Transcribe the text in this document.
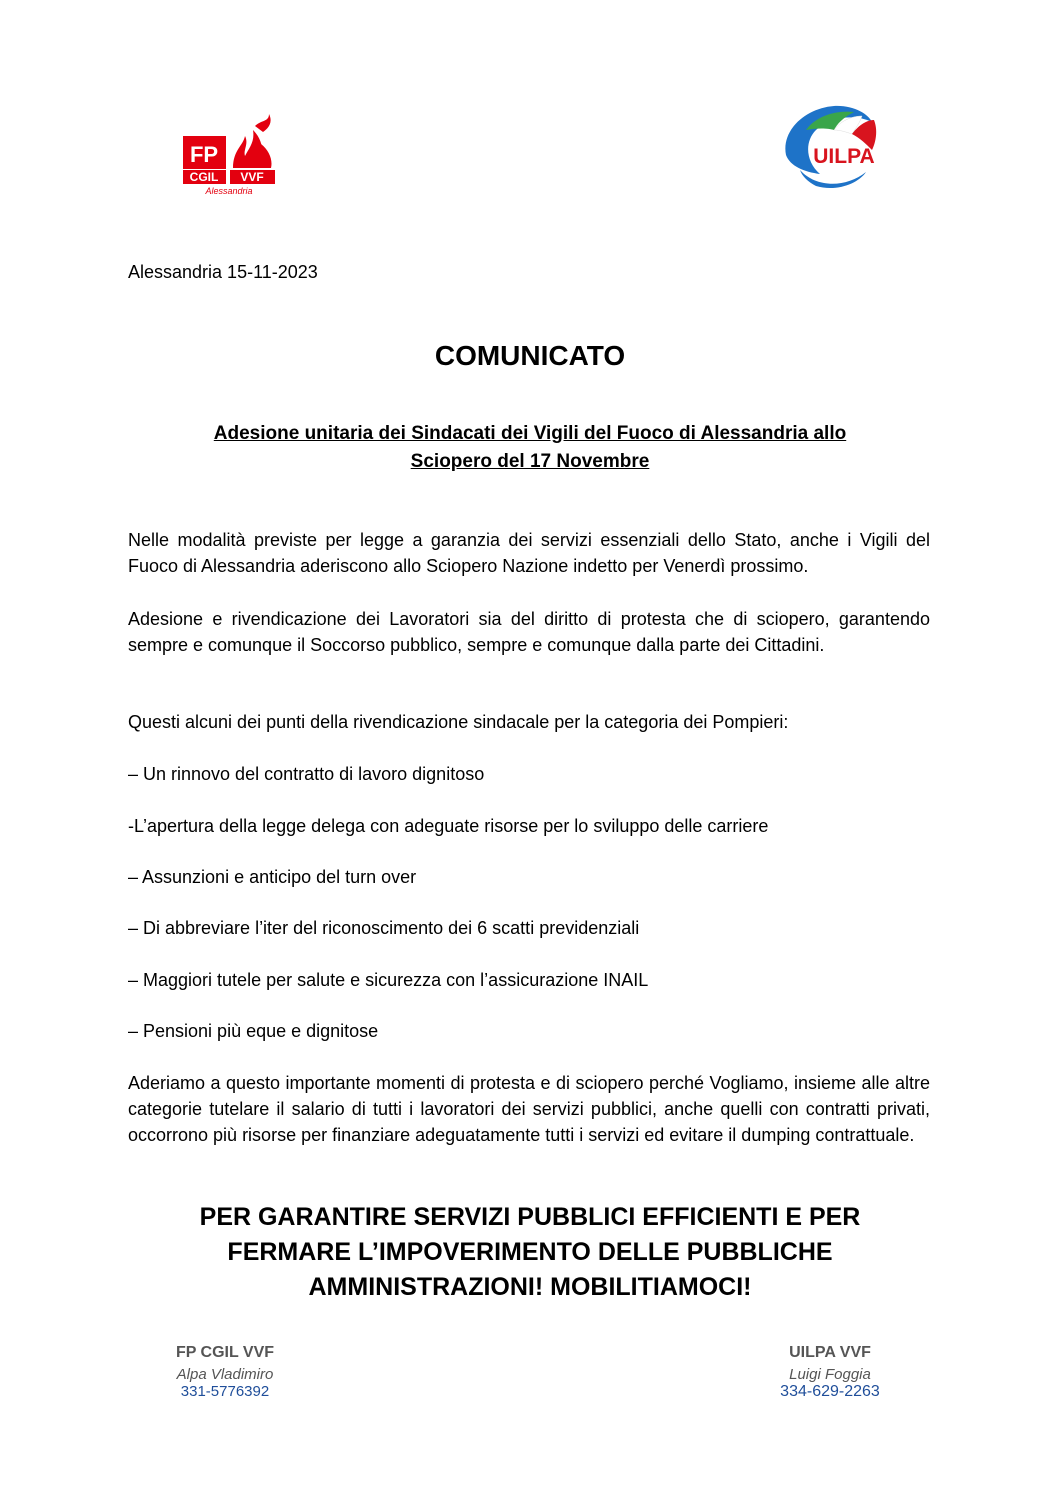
FP
CGIL VVF
Alessandria
UILPA
Alessandria 15-11-2023
COMUNICATO
Adesione unitaria dei Sindacati dei Vigili del Fuoco di Alessandria allo
Sciopero del 17 Novembre
Nelle modalità previste per legge a garanzia dei servizi essenziali dello Stato, anche i Vigili del Fuoco di Alessandria aderiscono allo Sciopero Nazione indetto per Venerdì prossimo.
Adesione e rivendicazione dei Lavoratori sia del diritto di protesta che di sciopero, garantendo sempre e comunque il Soccorso pubblico, sempre e comunque dalla parte dei Cittadini.
Questi alcuni dei punti della rivendicazione sindacale per la categoria dei Pompieri:
– Un rinnovo del contratto di lavoro dignitoso
-L’apertura della legge delega con adeguate risorse per lo sviluppo delle carriere
– Assunzioni e anticipo del turn over
– Di abbreviare l’iter del riconoscimento dei 6 scatti previdenziali
– Maggiori tutele per salute e sicurezza con l’assicurazione INAIL
– Pensioni più eque e dignitose
Aderiamo a questo importante momenti di protesta e di sciopero perché Vogliamo, insieme alle altre categorie tutelare il salario di tutti i lavoratori dei servizi pubblici, anche quelli con contratti privati, occorrono più risorse per finanziare adeguatamente tutti i servizi ed evitare il dumping contrattuale.
PER GARANTIRE SERVIZI PUBBLICI EFFICIENTI E PER
FERMARE L’IMPOVERIMENTO DELLE PUBBLICHE
AMMINISTRAZIONI! MOBILITIAMOCI!
FP CGIL VVF
Alpa Vladimiro
331-5776392
UILPA VVF
Luigi Foggia
334-629-2263
